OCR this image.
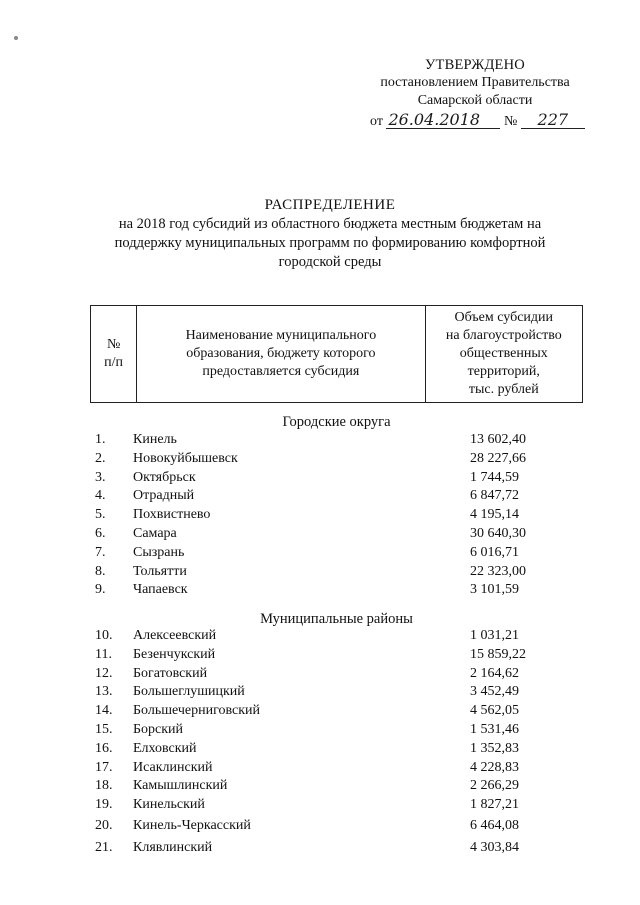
УТВЕРЖДЕНО
постановлением Правительства
Самарской области
от 26.04.2018 № 227
РАСПРЕДЕЛЕНИЕ
на 2018 год субсидий из областного бюджета местным бюджетам на
поддержку муниципальных программ по формированию комфортной
городской среды
№
п/п

Наименование муниципального
образования, бюджету которого
предоставляется субсидия

Объем субсидии
на благоустройство
общественных
территорий,
тыс. рублей
Городские округа
1. Кинель	13 602,40
2. Новокуйбышевск	28 227,66
3. Октябрьск	1 744,59
4. Отрадный	6 847,72
5. Похвистнево	4 195,14
6. Самара	30 640,30
7. Сызрань	6 016,71
8. Тольятти	22 323,00
9. Чапаевск	3 101,59
Муниципальные районы
10. Алексеевский	1 031,21
11. Безенчукский	15 859,22
12. Богатовский	2 164,62
13. Большеглушицкий	3 452,49
14. Большечерниговский	4 562,05
15. Борский	1 531,46
16. Елховский	1 352,83
17. Исаклинский	4 228,83
18. Камышлинский	2 266,29
19. Кинельский	1 827,21
20. Кинель-Черкасский	6 464,08
21. Клявлинский	4 303,84
